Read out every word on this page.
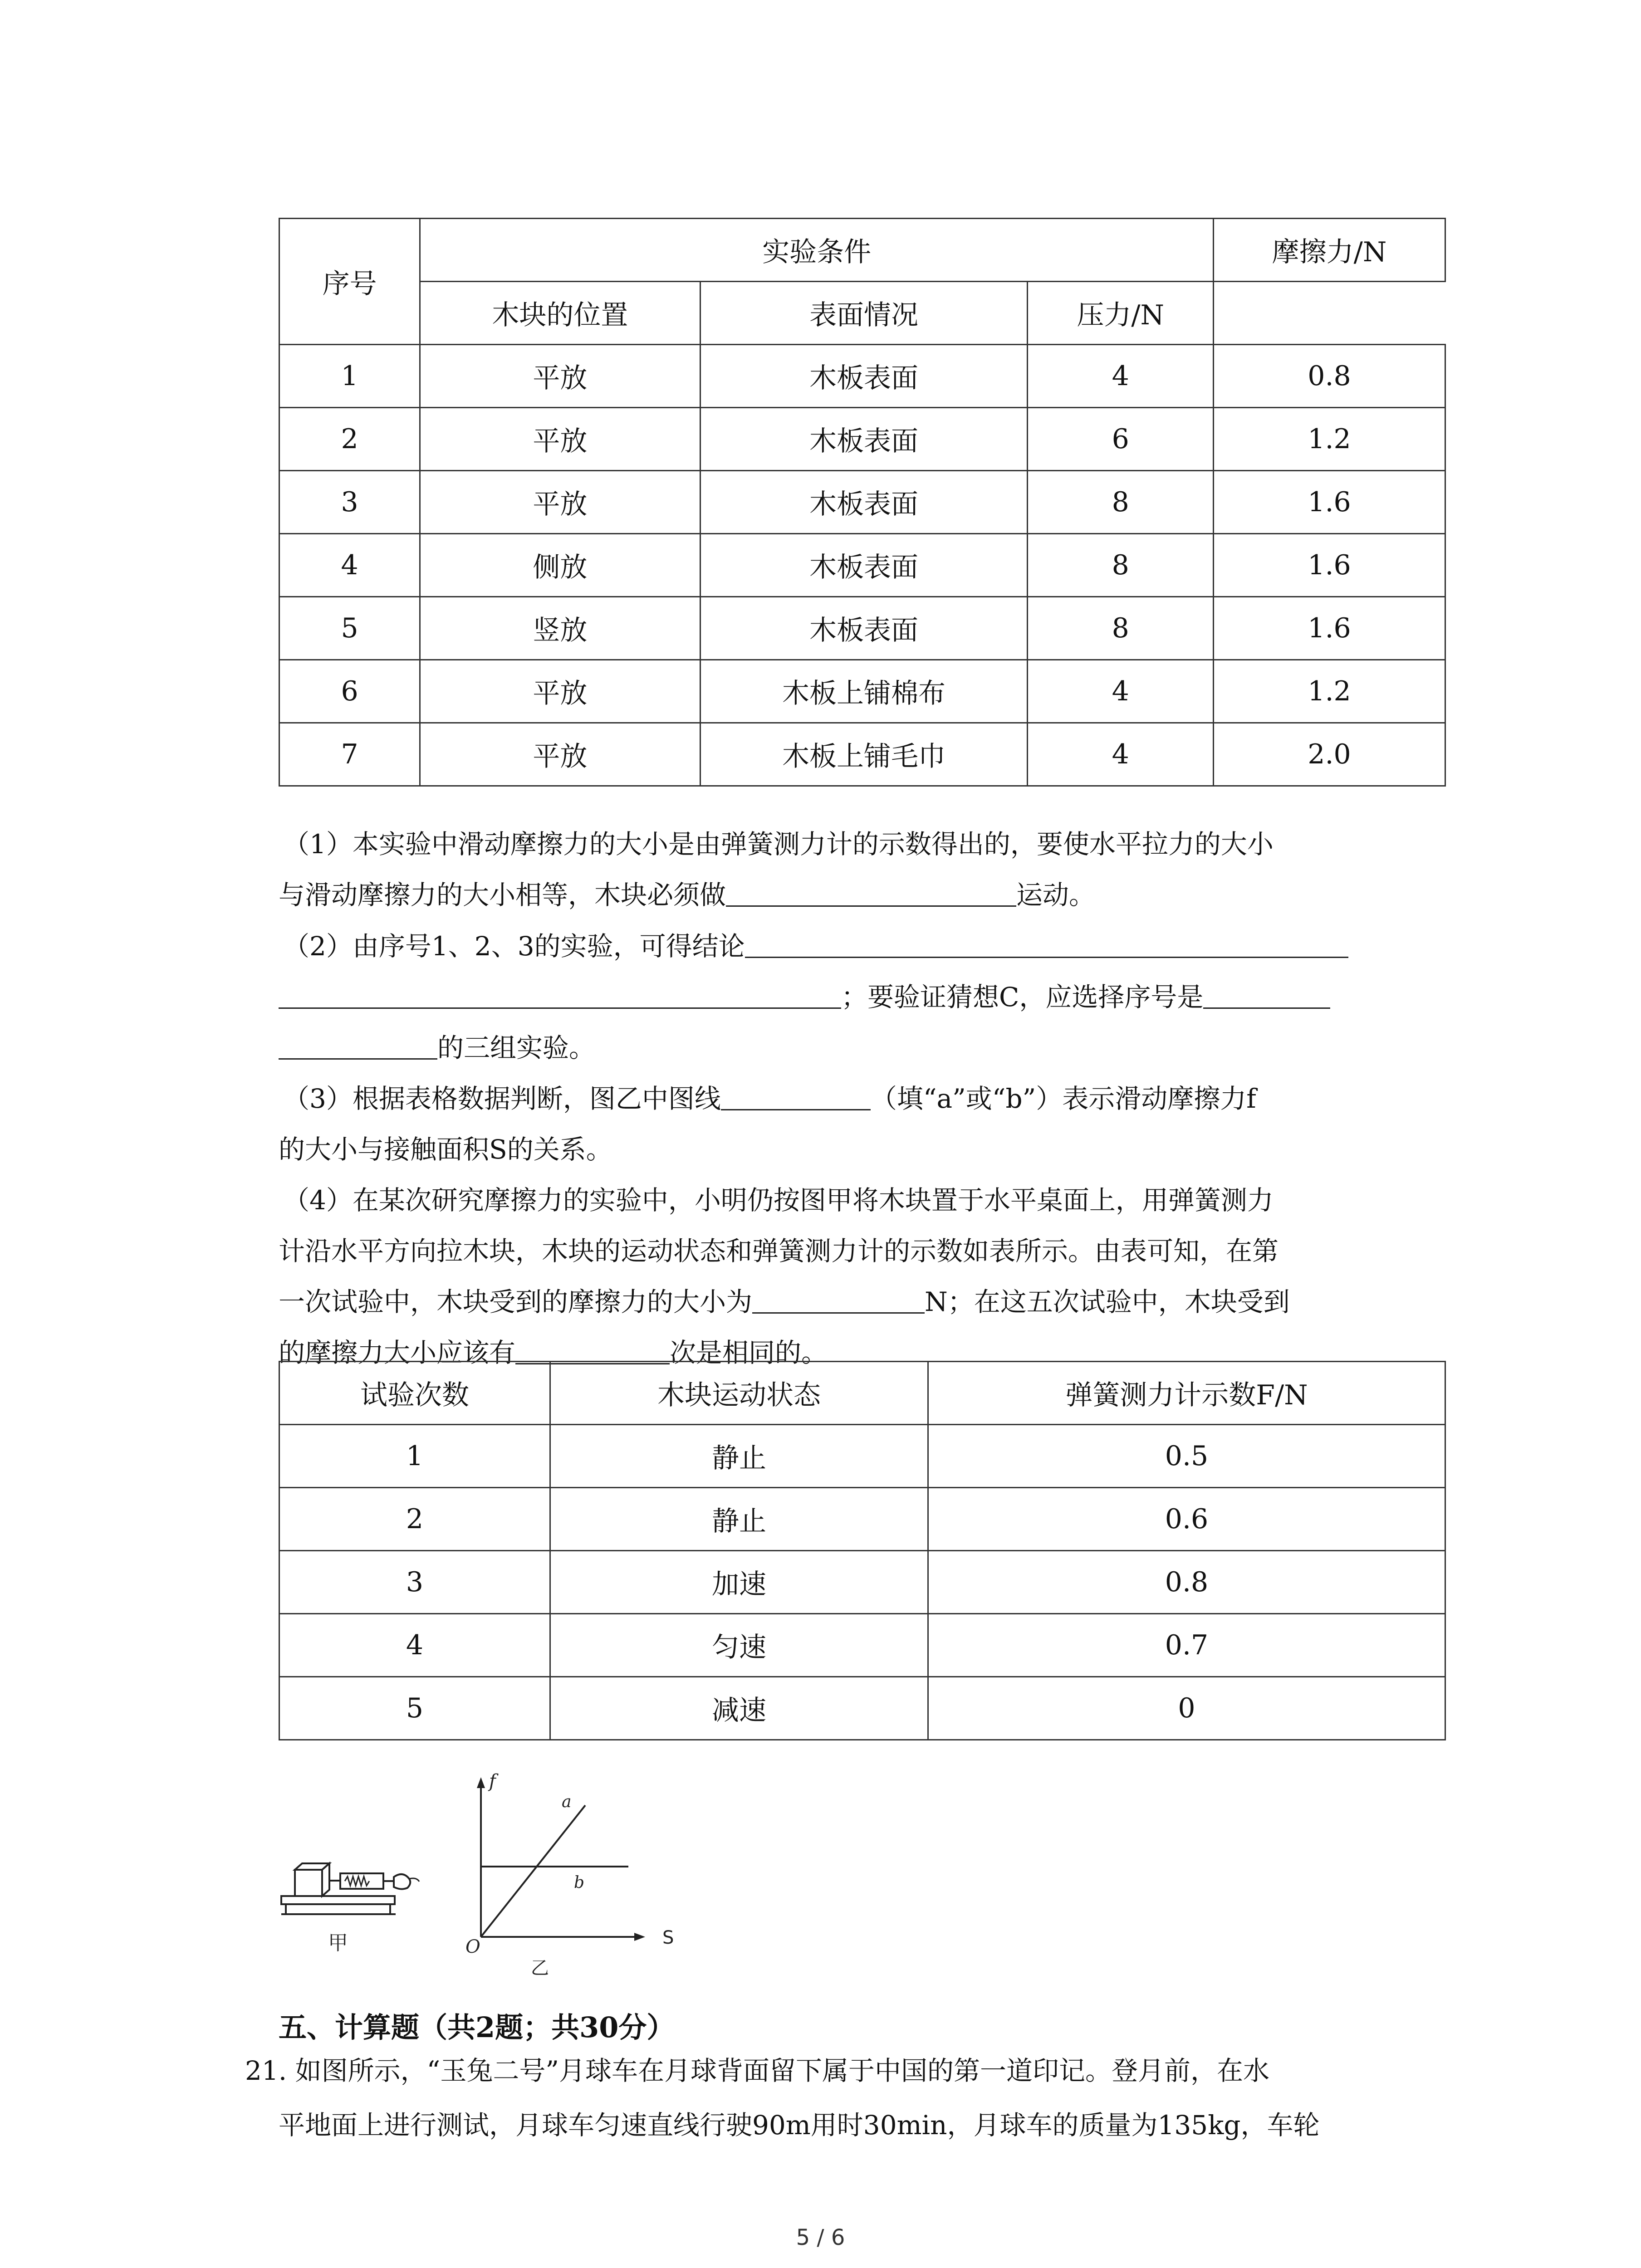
序号	实验条件			摩擦力/N
	木块的位置	表面情况	压力/N	
1	平放	木板表面	4	0.8
2	平放	木板表面	6	1.2
3	平放	木板表面	8	1.6
4	侧放	木板表面	8	1.6
5	竖放	木板表面	8	1.6
6	平放	木板上铺棉布	4	1.2
7	平放	木板上铺毛巾	4	2.0
（1）本实验中滑动摩擦力的大小是由弹簧测力计的示数得出的，要使水平拉力的大小
与滑动摩擦力的大小相等，木块必须做	运动。
（2）由序号1、2、3的实验，可得结论
；要验证猜想C，应选择序号是
的三组实验。
（3）根据表格数据判断，图乙中图线	（填“a”或“b”）表示滑动摩擦力f
的大小与接触面积S的关系。
（4）在某次研究摩擦力的实验中，小明仍按图甲将木块置于水平桌面上，用弹簧测力
计沿水平方向拉木块，木块的运动状态和弹簧测力计的示数如表所示。由表可知，在第
一次试验中，木块受到的摩擦力的大小为	N；在这五次试验中，木块受到
的摩擦力大小应该有	次是相同的。
试验次数	木块运动状态	弹簧测力计示数F/N
1	静止	0.5
2	静止	0.6
3	加速	0.8
4	匀速	0.7
5	减速	0
甲
f
S
O
a
b
乙
五、计算题（共2题；共30分）
21. 如图所示，“玉兔二号”月球车在月球背面留下属于中国的第一道印记。登月前，在水
平地面上进行测试，月球车匀速直线行驶90m用时30min，月球车的质量为135kg，车轮
5 / 6
